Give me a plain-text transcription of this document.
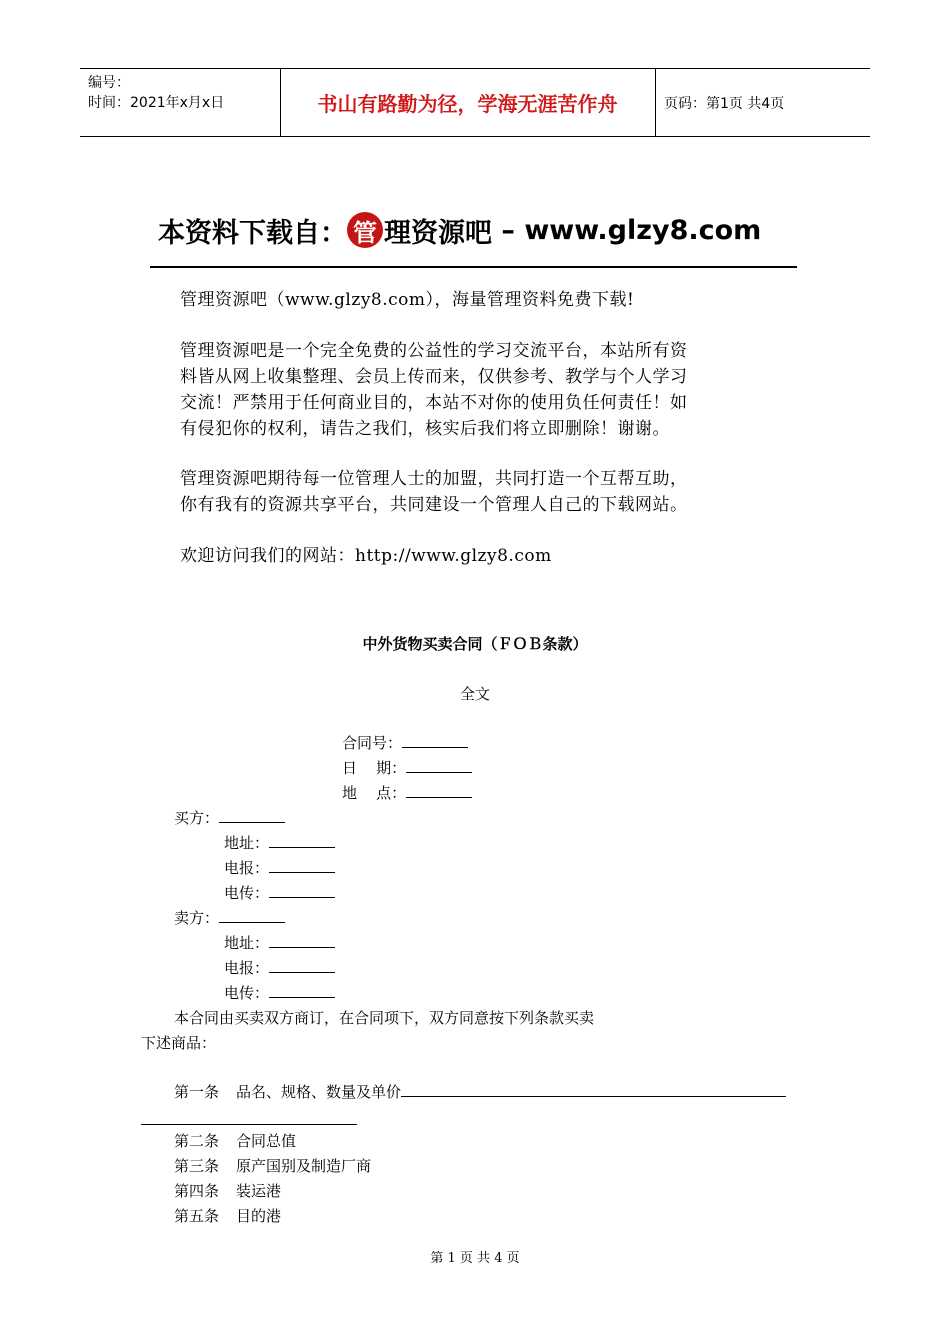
编号：
时间：2021年x月x日	书山有路勤为径，学海无涯苦作舟	页码：第1页 共4页
本资料下载自： 管 理资源吧 – www.glzy8.com
管理资源吧（www.glzy8.com），海量管理资料免费下载!
管理资源吧是一个完全免费的公益性的学习交流平台，本站所有资
料皆从网上收集整理、会员上传而来，仅供参考、教学与个人学习
交流！严禁用于任何商业目的，本站不对你的使用负任何责任！如
有侵犯你的权利，请告之我们，核实后我们将立即删除！谢谢。
管理资源吧期待每一位管理人士的加盟，共同打造一个互帮互助，
你有我有的资源共享平台，共同建设一个管理人自己的下载网站。
欢迎访问我们的网站：http://www.glzy8.com
中外货物买卖合同（ＦＯＢ条款）
全文
合同号：
日    期：
地    点：
买方：
地址：
电报：
电传：
卖方：
地址：
电报：
电传：
本合同由买卖双方商订，在合同项下，双方同意按下列条款买卖
下述商品：
第一条 品名、规格、数量及单价
第二条 合同总值
第三条 原产国别及制造厂商
第四条 装运港
第五条 目的港
第 1 页 共 4 页
